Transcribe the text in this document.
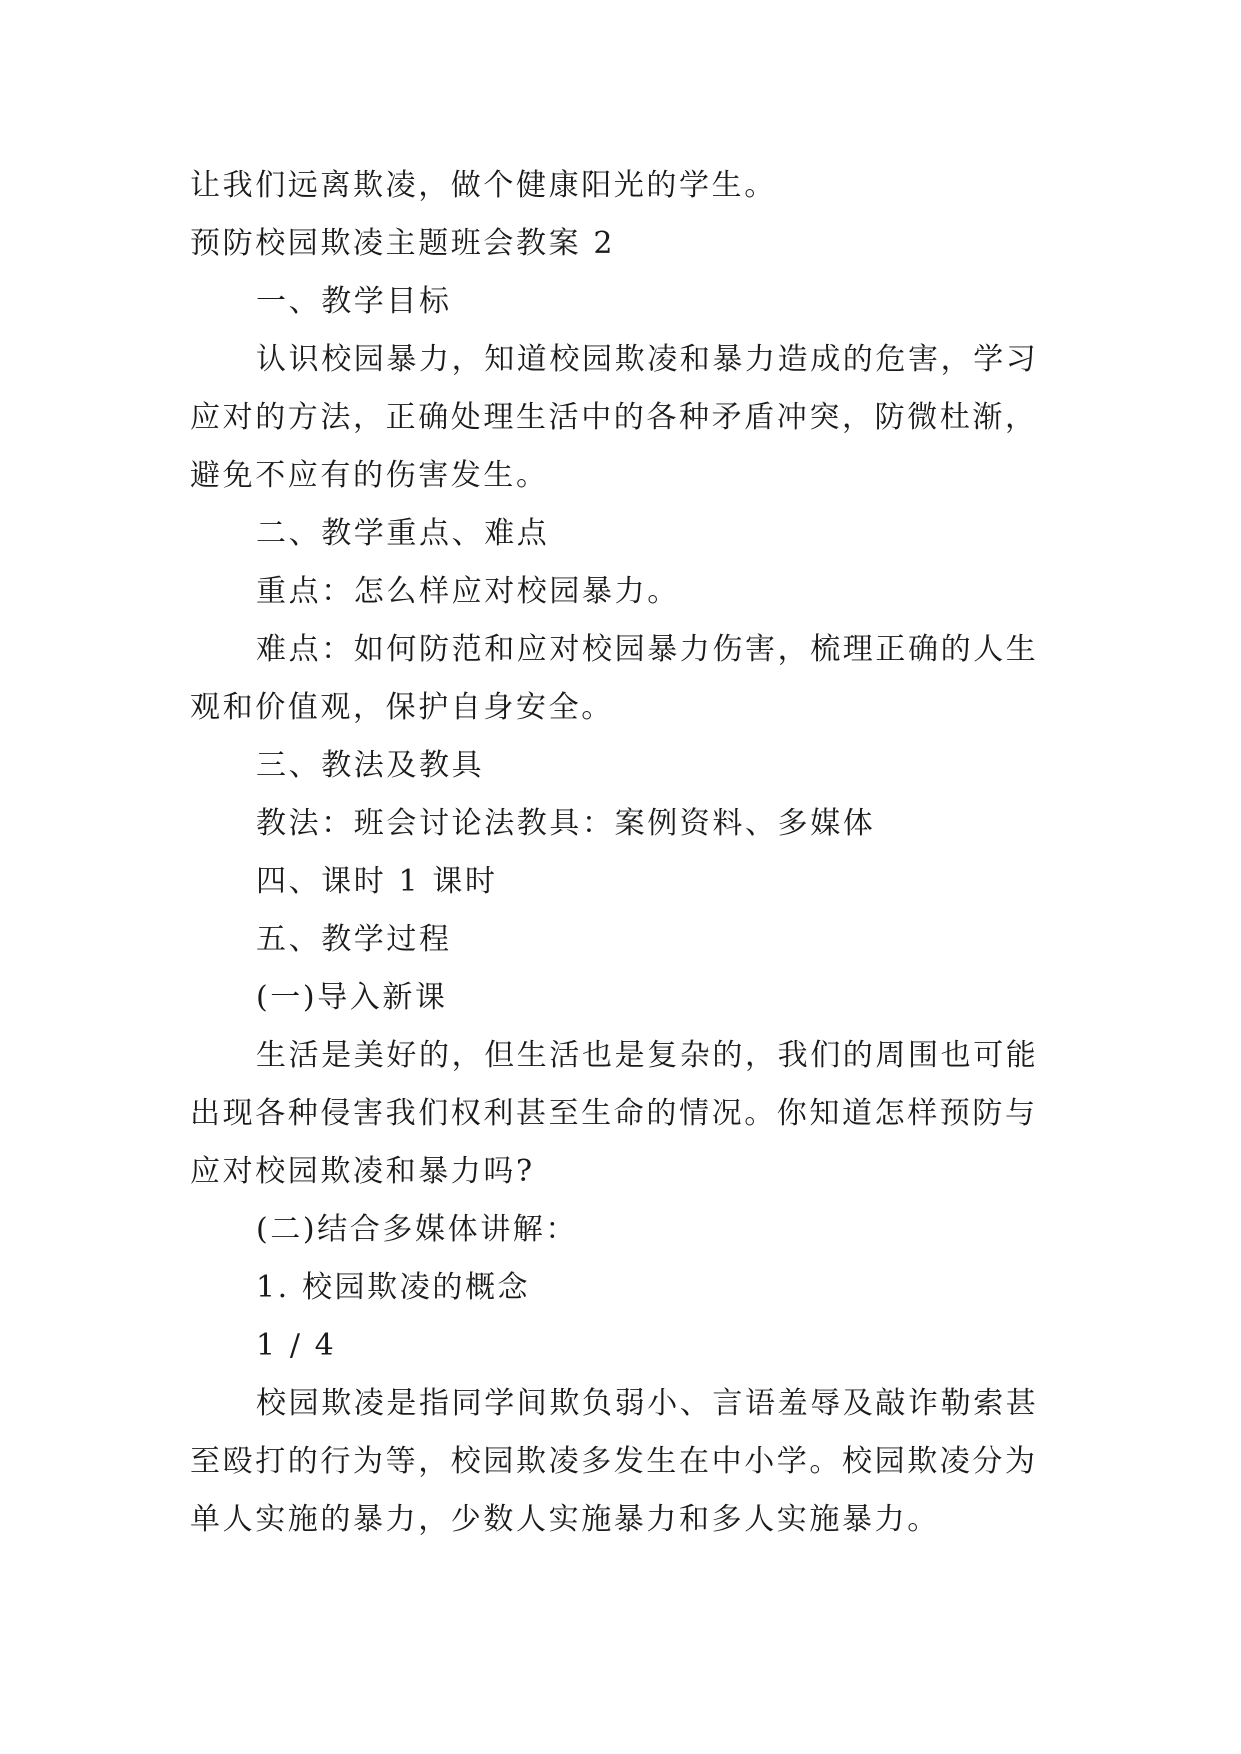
让我们远离欺凌，做个健康阳光的学生。
预防校园欺凌主题班会教案 2
一、教学目标
认识校园暴力，知道校园欺凌和暴力造成的危害，学习
应对的方法，正确处理生活中的各种矛盾冲突，防微杜渐，
避免不应有的伤害发生。
二、教学重点、难点
重点：怎么样应对校园暴力。
难点：如何防范和应对校园暴力伤害，梳理正确的人生
观和价值观，保护自身安全。
三、教法及教具
教法：班会讨论法教具：案例资料、多媒体
四、课时 1 课时
五、教学过程
(一)导入新课
生活是美好的，但生活也是复杂的，我们的周围也可能
出现各种侵害我们权利甚至生命的情况。你知道怎样预防与
应对校园欺凌和暴力吗?
(二)结合多媒体讲解：
1. 校园欺凌的概念
1 / 4
校园欺凌是指同学间欺负弱小、言语羞辱及敲诈勒索甚
至殴打的行为等，校园欺凌多发生在中小学。校园欺凌分为
单人实施的暴力，少数人实施暴力和多人实施暴力。
